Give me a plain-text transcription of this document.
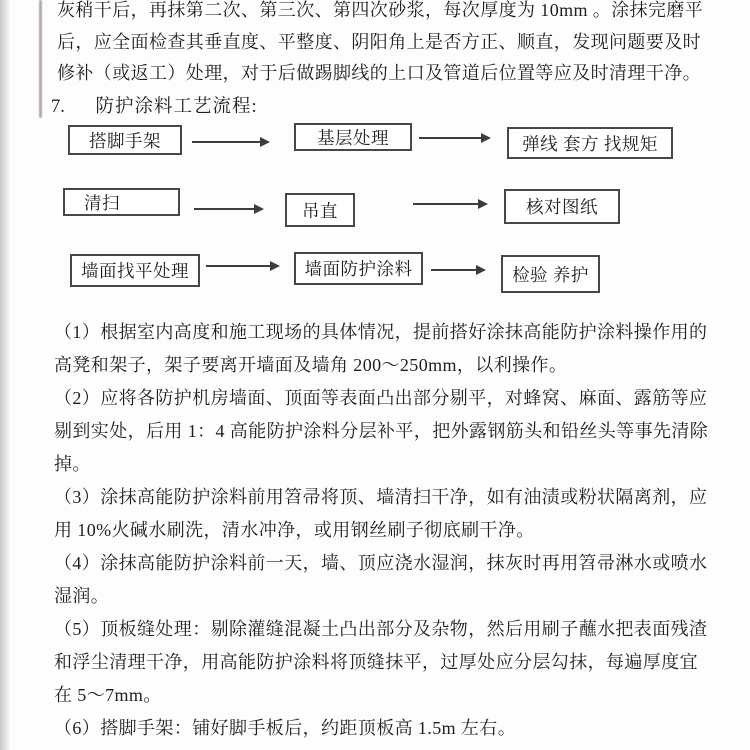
灰稍干后，再抹第二次、第三次、第四次砂浆，每次厚度为 10mm 。涂抹完磨平
后，应全面检查其垂直度、平整度、阴阳角上是否方正、顺直，发现问题要及时
修补（或返工）处理，对于后做踢脚线的上口及管道后位置等应及时清理干净。
7. 防护涂料工艺流程:
搭脚手架	基层处理	弹线 套方 找规矩
清扫	吊直	核对图纸
墙面找平处理	墙面防护涂料	检验 养护
（1）根据室内高度和施工现场的具体情况，提前搭好涂抹高能防护涂料操作用的
高凳和架子，架子要离开墙面及墙角 200～250mm，以利操作。
（2）应将各防护机房墙面、顶面等表面凸出部分剔平，对蜂窝、麻面、露筋等应
剔到实处，后用 1：4 高能防护涂料分层补平，把外露钢筋头和铅丝头等事先清除
掉。
（3）涂抹高能防护涂料前用笤帚将顶、墙清扫干净，如有油渍或粉状隔离剂，应
用 10%火碱水刷洗，清水冲净，或用钢丝刷子彻底刷干净。
（4）涂抹高能防护涂料前一天，墙、顶应浇水湿润，抹灰时再用笤帚淋水或喷水
湿润。
（5）顶板缝处理：剔除灌缝混凝土凸出部分及杂物，然后用刷子蘸水把表面残渣
和浮尘清理干净，用高能防护涂料将顶缝抹平，过厚处应分层勾抹，每遍厚度宜
在 5～7mm。
（6）搭脚手架：铺好脚手板后，约距顶板高 1.5m 左右。
